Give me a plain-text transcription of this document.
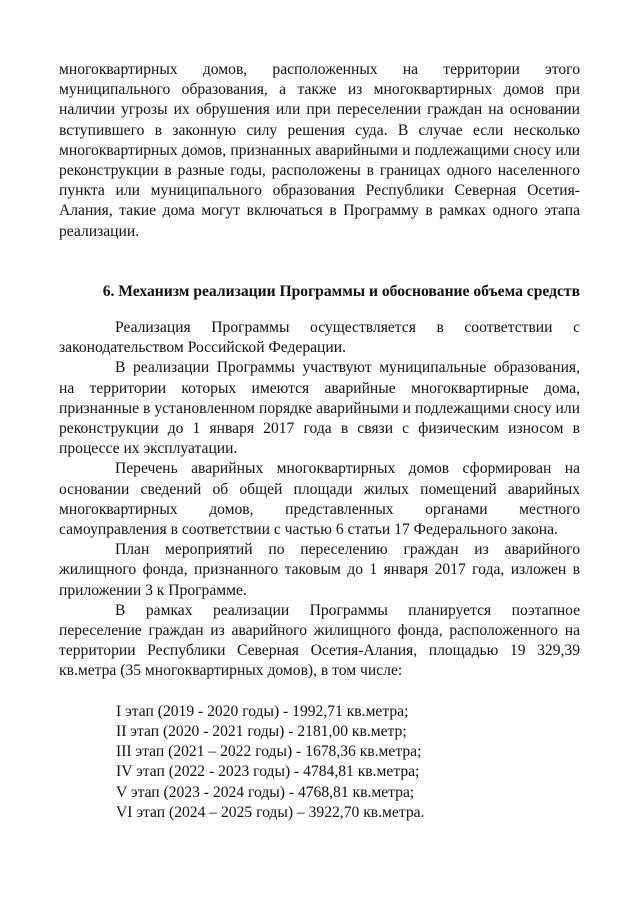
многоквартирных домов, расположенных на территории этого муниципального образования, а также из многоквартирных домов при наличии угрозы их обрушения или при переселении граждан на основании вступившего в законную силу решения суда. В случае если несколько многоквартирных домов, признанных аварийными и подлежащими сносу или реконструкции в разные годы, расположены в границах одного населенного пункта или муниципального образования Республики Северная Осетия-Алания, такие дома могут включаться в Программу в рамках одного этапа реализации.

6. Механизм реализации Программы и обоснование объема средств

Реализация Программы осуществляется в соответствии с законодательством Российской Федерации.

В реализации Программы участвуют муниципальные образования, на территории которых имеются аварийные многоквартирные дома, признанные в установленном порядке аварийными и подлежащими сносу или реконструкции до 1 января 2017 года в связи с физическим износом в процессе их эксплуатации.

Перечень аварийных многоквартирных домов сформирован на основании сведений об общей площади жилых помещений аварийных многоквартирных домов, представленных органами местного самоуправления в соответствии с частью 6 статьи 17 Федерального закона.

План мероприятий по переселению граждан из аварийного жилищного фонда, признанного таковым до 1 января 2017 года, изложен в приложении 3 к Программе.

В рамках реализации Программы планируется поэтапное переселение граждан из аварийного жилищного фонда, расположенного на территории Республики Северная Осетия-Алания, площадью 19 329,39 кв.метра (35 многоквартирных домов), в том числе:

I этап (2019 - 2020 годы) - 1992,71 кв.метра;
II этап (2020 - 2021 годы) - 2181,00 кв.метр;
III этап (2021 – 2022 годы) - 1678,36 кв.метра;
IV этап (2022 - 2023 годы) - 4784,81 кв.метра;
V этап (2023 - 2024 годы) - 4768,81 кв.метра;
VI этап (2024 – 2025 годы) – 3922,70 кв.метра.
